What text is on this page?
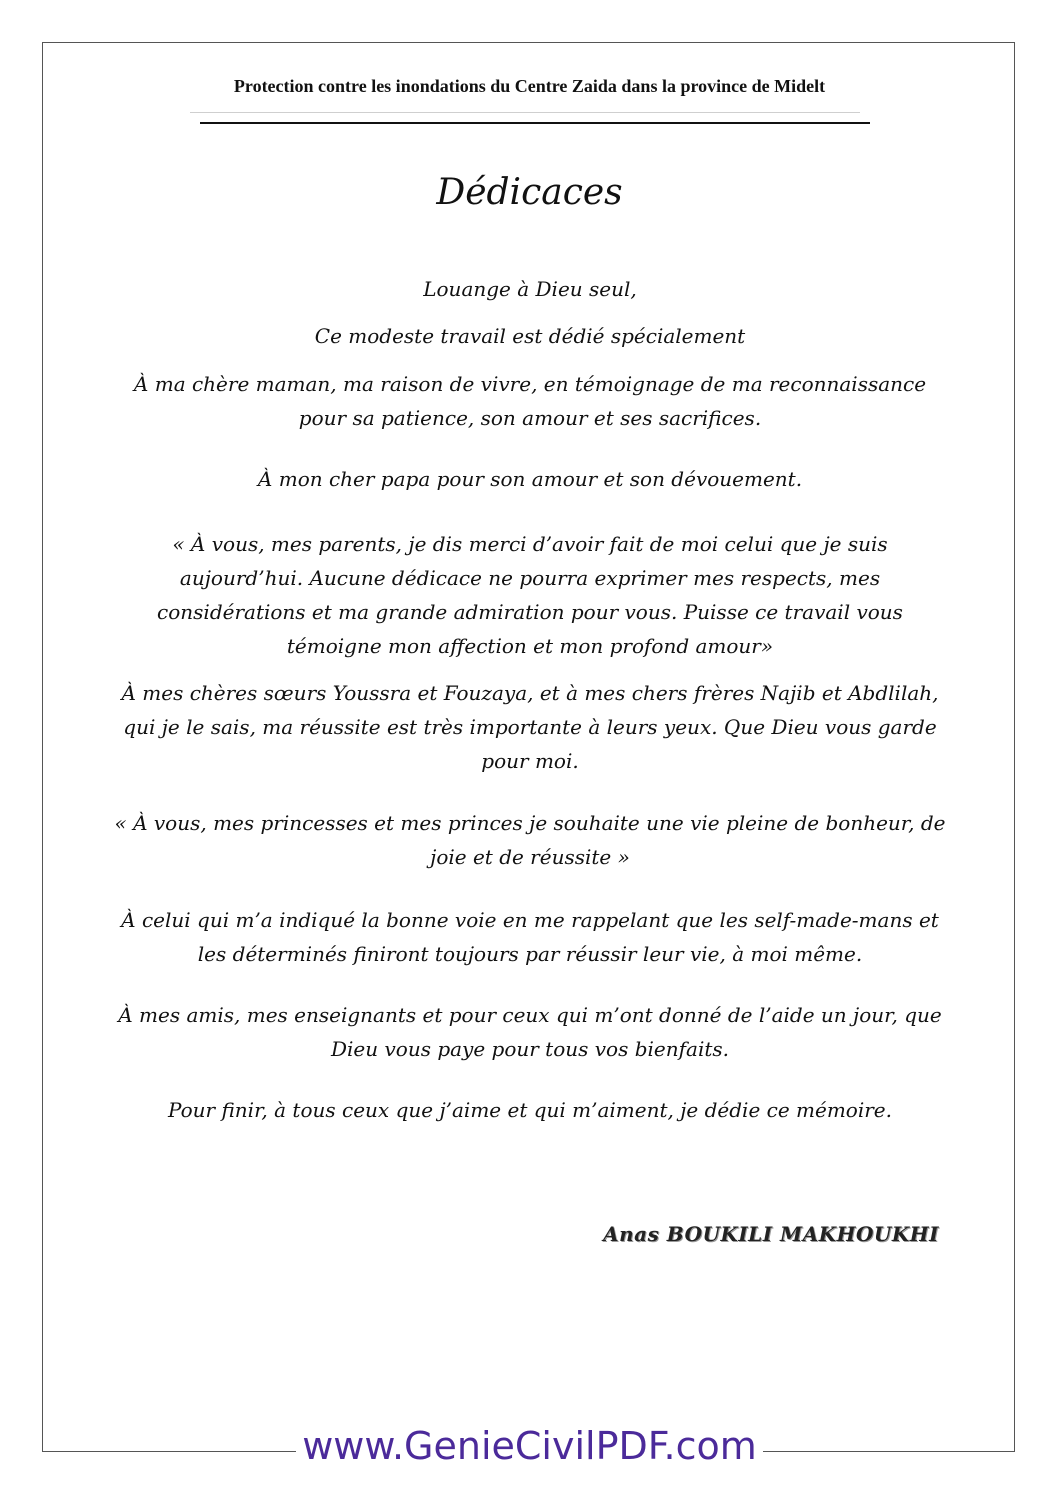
Protection contre les inondations du Centre Zaida dans la province de Midelt
Dédicaces

Louange à Dieu seul,

Ce modeste travail est dédié spécialement

À ma chère maman, ma raison de vivre, en témoignage de ma reconnaissance pour sa patience, son amour et ses sacrifices.

À mon cher papa pour son amour et son dévouement.

« À vous, mes parents, je dis merci d’avoir fait de moi celui que je suis aujourd’hui. Aucune dédicace ne pourra exprimer mes respects, mes considérations et ma grande admiration pour vous. Puisse ce travail vous témoigne mon affection et mon profond amour»

À mes chères sœurs Youssra et Fouzaya, et à mes chers frères Najib et Abdlilah, qui je le sais, ma réussite est très importante à leurs yeux. Que Dieu vous garde pour moi.

« À vous, mes princesses et mes princes je souhaite une vie pleine de bonheur, de joie et de réussite »

À celui qui m’a indiqué la bonne voie en me rappelant que les self-made-mans et les déterminés finiront toujours par réussir leur vie, à moi même.

À mes amis, mes enseignants et pour ceux qui m’ont donné de l’aide un jour, que Dieu vous paye pour tous vos bienfaits.

Pour finir, à tous ceux que j’aime et qui m’aiment, je dédie ce mémoire.

Anas BOUKILI MAKHOUKHI
www.GenieCivilPDF.com
